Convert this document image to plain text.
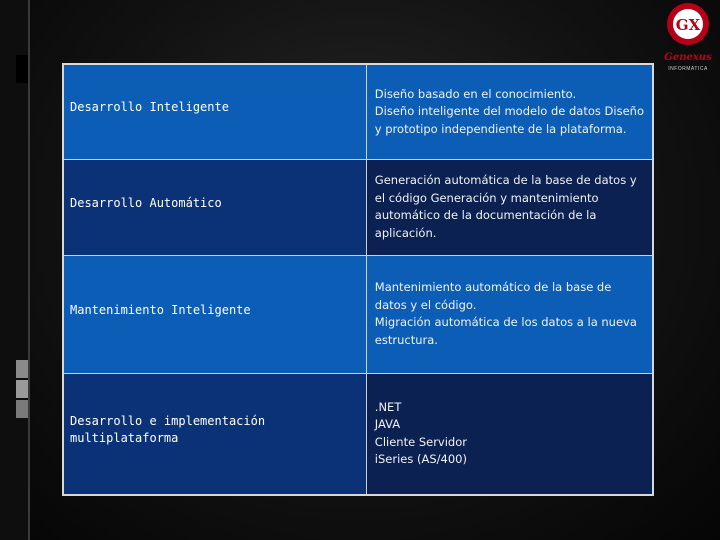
GX
Genexus
INFORMATICA
Desarrollo Inteligente	Diseño basado en el conocimiento.
Diseño inteligente del modelo de datos Diseño
y prototipo independiente de la plataforma.

Desarrollo Automático	Generación automática de la base de datos y
el código Generación y mantenimiento
automático de la documentación de la
aplicación.

Mantenimiento Inteligente	Mantenimiento automático de la base de
datos y el código.
Migración automática de los datos a la nueva
estructura.

Desarrollo e implementación multiplataforma	.NET
JAVA
Cliente Servidor
iSeries (AS/400)
